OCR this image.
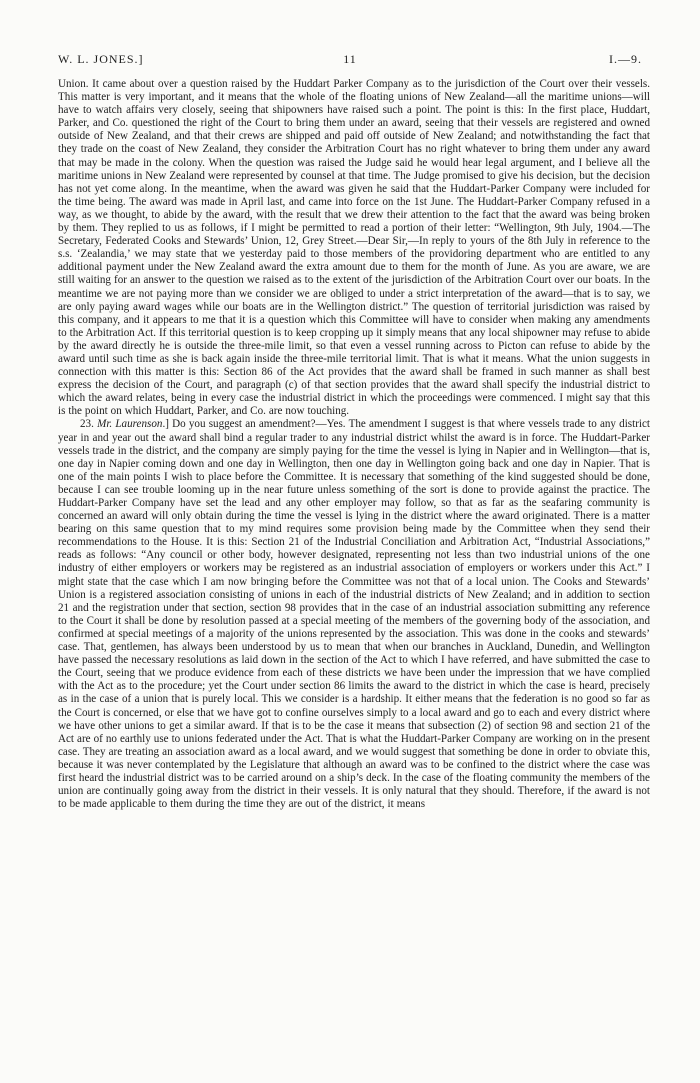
W. L. JONES.]	11	I.—9.

Union. It came about over a question raised by the Huddart Parker Company as to the jurisdiction of the Court over their vessels. This matter is very important, and it means that the whole of the floating unions of New Zealand—all the maritime unions—will have to watch affairs very closely, seeing that shipowners have raised such a point. The point is this: In the first place, Huddart, Parker, and Co. questioned the right of the Court to bring them under an award, seeing that their vessels are registered and owned outside of New Zealand, and that their crews are shipped and paid off outside of New Zealand; and notwithstanding the fact that they trade on the coast of New Zealand, they consider the Arbitration Court has no right whatever to bring them under any award that may be made in the colony. When the question was raised the Judge said he would hear legal argument, and I believe all the maritime unions in New Zealand were represented by counsel at that time. The Judge promised to give his decision, but the decision has not yet come along. In the meantime, when the award was given he said that the Huddart-Parker Company were included for the time being. The award was made in April last, and came into force on the 1st June. The Huddart-Parker Company refused in a way, as we thought, to abide by the award, with the result that we drew their attention to the fact that the award was being broken by them. They replied to us as follows, if I might be permitted to read a portion of their letter: “Wellington, 9th July, 1904.—The Secretary, Federated Cooks and Stewards’ Union, 12, Grey Street.—Dear Sir,—In reply to yours of the 8th July in reference to the s.s. ‘Zealandia,’ we may state that we yesterday paid to those members of the providoring department who are entitled to any additional payment under the New Zealand award the extra amount due to them for the month of June. As you are aware, we are still waiting for an answer to the question we raised as to the extent of the jurisdiction of the Arbitration Court over our boats. In the meantime we are not paying more than we consider we are obliged to under a strict interpretation of the award—that is to say, we are only paying award wages while our boats are in the Wellington district.” The question of territorial jurisdiction was raised by this company, and it appears to me that it is a question which this Committee will have to consider when making any amendments to the Arbitration Act. If this territorial question is to keep cropping up it simply means that any local shipowner may refuse to abide by the award directly he is outside the three-mile limit, so that even a vessel running across to Picton can refuse to abide by the award until such time as she is back again inside the three-mile territorial limit. That is what it means. What the union suggests in connection with this matter is this: Section 86 of the Act provides that the award shall be framed in such manner as shall best express the decision of the Court, and paragraph (c) of that section provides that the award shall specify the industrial district to which the award relates, being in every case the industrial district in which the proceedings were commenced. I might say that this is the point on which Huddart, Parker, and Co. are now touching.

23. Mr. Laurenson.] Do you suggest an amendment?—Yes. The amendment I suggest is that where vessels trade to any district year in and year out the award shall bind a regular trader to any industrial district whilst the award is in force. The Huddart-Parker vessels trade in the district, and the company are simply paying for the time the vessel is lying in Napier and in Wellington—that is, one day in Napier coming down and one day in Wellington, then one day in Wellington going back and one day in Napier. That is one of the main points I wish to place before the Committee. It is necessary that something of the kind suggested should be done, because I can see trouble looming up in the near future unless something of the sort is done to provide against the practice. The Huddart-Parker Company have set the lead and any other employer may follow, so that as far as the seafaring community is concerned an award will only obtain during the time the vessel is lying in the district where the award originated. There is a matter bearing on this same question that to my mind requires some provision being made by the Committee when they send their recommendations to the House. It is this: Section 21 of the Industrial Conciliation and Arbitration Act, “Industrial Associations,” reads as follows: “Any council or other body, however designated, representing not less than two industrial unions of the one industry of either employers or workers may be registered as an industrial association of employers or workers under this Act.” I might state that the case which I am now bringing before the Committee was not that of a local union. The Cooks and Stewards’ Union is a registered association consisting of unions in each of the industrial districts of New Zealand; and in addition to section 21 and the registration under that section, section 98 provides that in the case of an industrial association submitting any reference to the Court it shall be done by resolution passed at a special meeting of the members of the governing body of the association, and confirmed at special meetings of a majority of the unions represented by the association. This was done in the cooks and stewards’ case. That, gentlemen, has always been understood by us to mean that when our branches in Auckland, Dunedin, and Wellington have passed the necessary resolutions as laid down in the section of the Act to which I have referred, and have submitted the case to the Court, seeing that we produce evidence from each of these districts we have been under the impression that we have complied with the Act as to the procedure; yet the Court under section 86 limits the award to the district in which the case is heard, precisely as in the case of a union that is purely local. This we consider is a hardship. It either means that the federation is no good so far as the Court is concerned, or else that we have got to confine ourselves simply to a local award and go to each and every district where we have other unions to get a similar award. If that is to be the case it means that subsection (2) of section 98 and section 21 of the Act are of no earthly use to unions federated under the Act. That is what the Huddart-Parker Company are working on in the present case. They are treating an association award as a local award, and we would suggest that something be done in order to obviate this, because it was never contemplated by the Legislature that although an award was to be confined to the district where the case was first heard the industrial district was to be carried around on a ship’s deck. In the case of the floating community the members of the union are continually going away from the district in their vessels. It is only natural that they should. Therefore, if the award is not to be made applicable to them during the time they are out of the district, it means
